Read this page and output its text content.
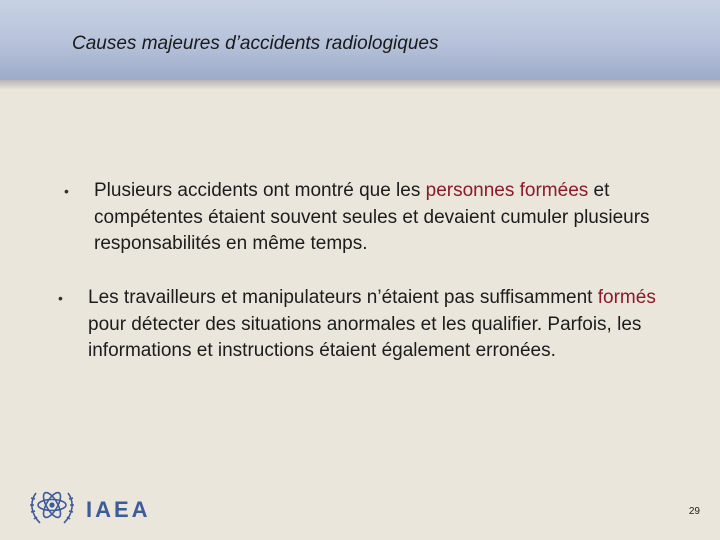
Causes majeures d’accidents radiologiques
•	Plusieurs accidents ont montré que les personnes formées et compétentes étaient souvent seules et devaient cumuler plusieurs responsabilités en même temps.
•	Les travailleurs et manipulateurs n’étaient pas suffisamment formés pour détecter des situations anormales et les qualifier. Parfois, les informations et instructions étaient également erronées.
IAEA	29
